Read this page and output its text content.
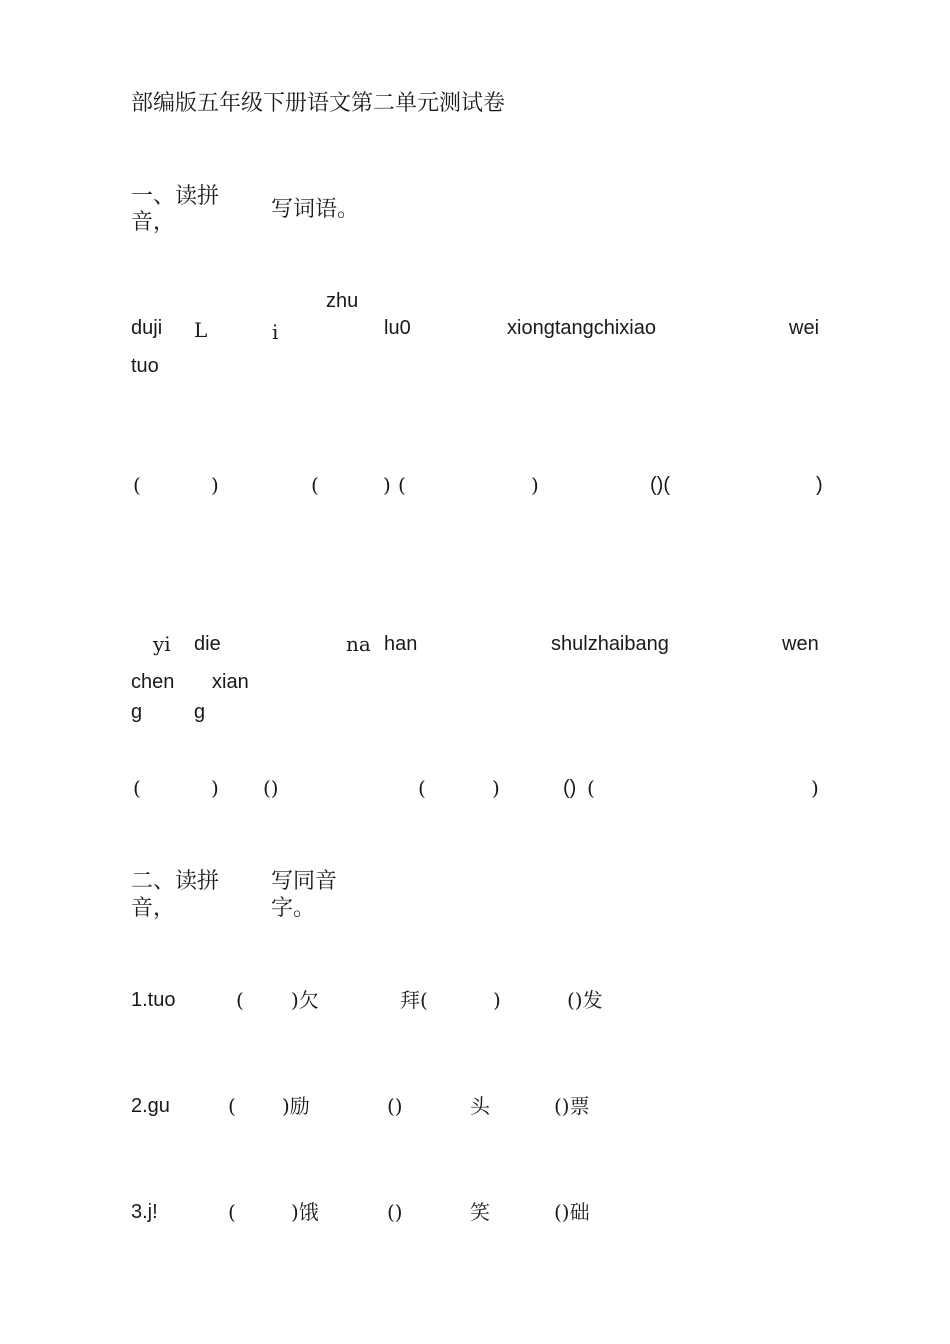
部编版五年级下册语文第二单元测试卷
一、读拼
音，
写词语。
zhu
duji L	i	lu0	xiongtangchixiao	wei
tuo
(	)	(	) (	)	()(	)
yi die	na han	shulzhaibang	wen
chen xian
g	g
(	) ()	(	)	() (	)
二、读拼
音，
写同音
字。
1.tuo	( )欠	拜(	)	()发
2.gu	( )励	()	头	()票
3.j!	(	)饿	()	笑	()础
